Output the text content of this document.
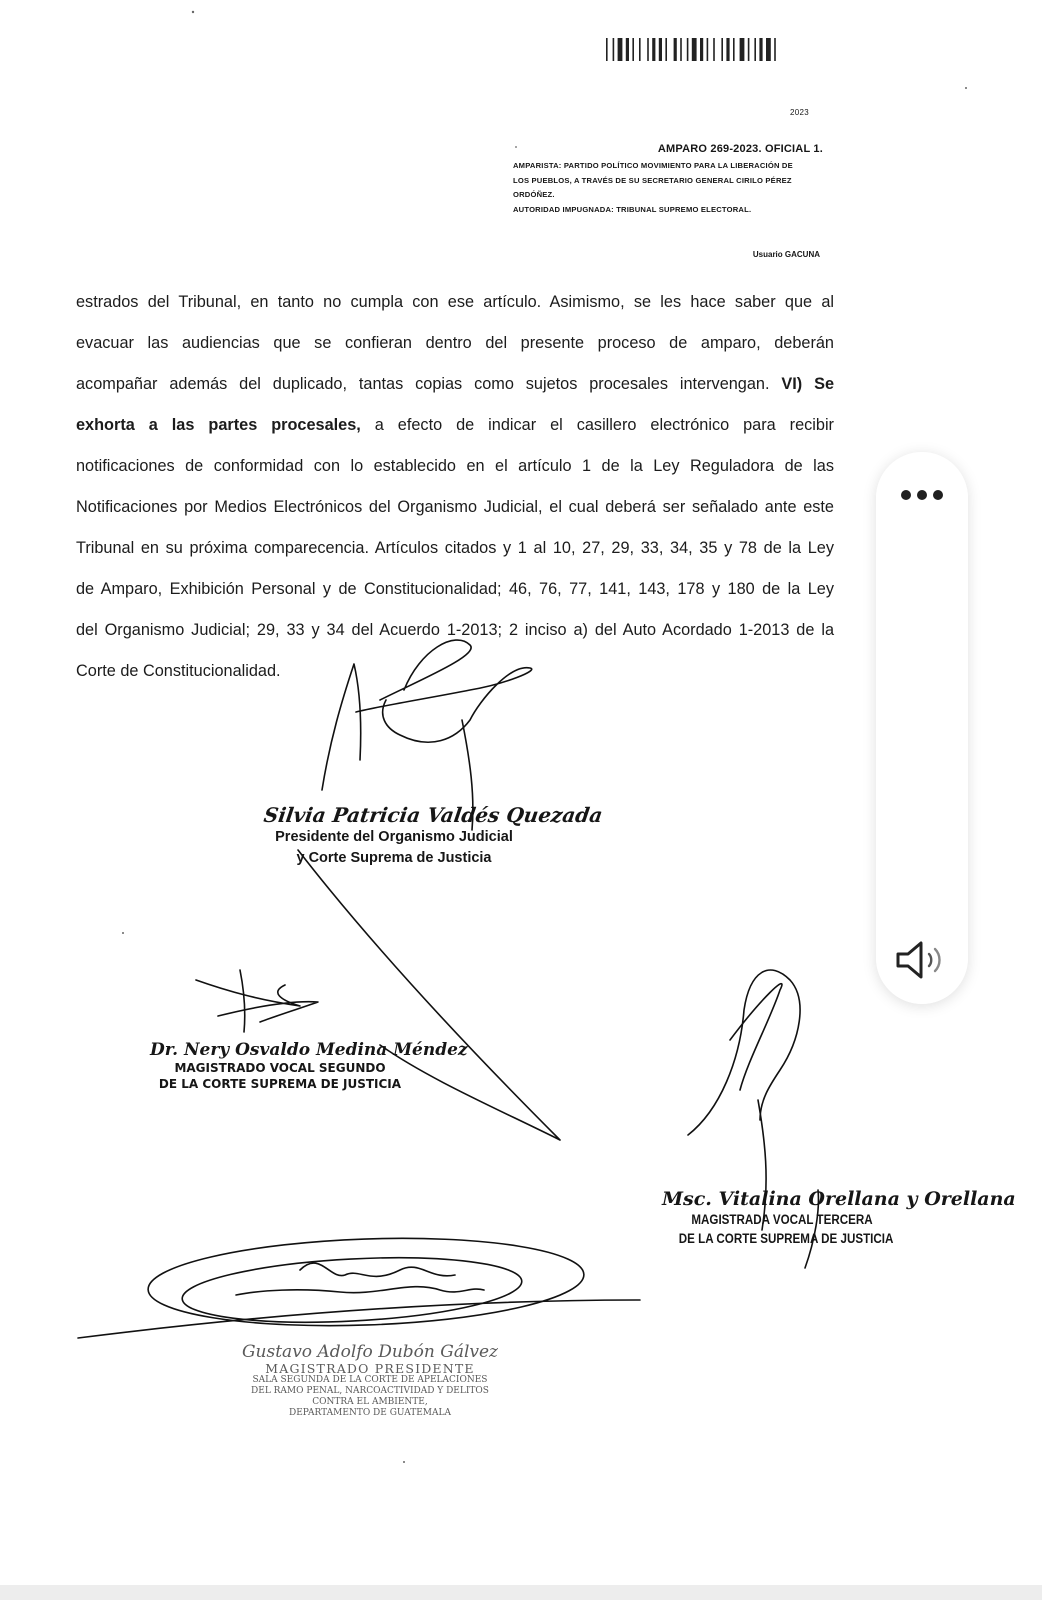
2023
AMPARO 269-2023. OFICIAL 1.
AMPARISTA: PARTIDO POLÍTICO MOVIMIENTO PARA LA LIBERACIÓN DE
LOS PUEBLOS, A TRAVÉS DE SU SECRETARIO GENERAL CIRILO PÉREZ
ORDÓÑEZ.
AUTORIDAD IMPUGNADA: TRIBUNAL SUPREMO ELECTORAL.
Usuario GACUNA
estrados del Tribunal, en tanto no cumpla con ese artículo. Asimismo, se les hace saber que al
evacuar las audiencias que se confieran dentro del presente proceso de amparo, deberán
acompañar además del duplicado, tantas copias como sujetos procesales intervengan. VI) Se
exhorta a las partes procesales, a efecto de indicar el casillero electrónico para recibir
notificaciones de conformidad con lo establecido en el artículo 1 de la Ley Reguladora de las
Notificaciones por Medios Electrónicos del Organismo Judicial, el cual deberá ser señalado ante este
Tribunal en su próxima comparecencia. Artículos citados y 1 al 10, 27, 29, 33, 34, 35 y 78 de la Ley
de Amparo, Exhibición Personal y de Constitucionalidad; 46, 76, 77, 141, 143, 178 y 180 de la Ley
del Organismo Judicial; 29, 33 y 34 del Acuerdo 1-2013; 2 inciso a) del Auto Acordado 1-2013 de la
Corte de Constitucionalidad.
Silvia Patricia Valdés Quezada
Presidente del Organismo Judicial
y Corte Suprema de Justicia
Dr. Nery Osvaldo Medina Méndez
MAGISTRADO VOCAL SEGUNDO
DE LA CORTE SUPREMA DE JUSTICIA
Msc. Vitalina Orellana y Orellana
MAGISTRADA VOCAL TERCERA
DE LA CORTE SUPREMA DE JUSTICIA
Gustavo Adolfo Dubón Gálvez
MAGISTRADO PRESIDENTE
SALA SEGUNDA DE LA CORTE DE APELACIONES
DEL RAMO PENAL, NARCOACTIVIDAD Y DELITOS
CONTRA EL AMBIENTE,
DEPARTAMENTO DE GUATEMALA
